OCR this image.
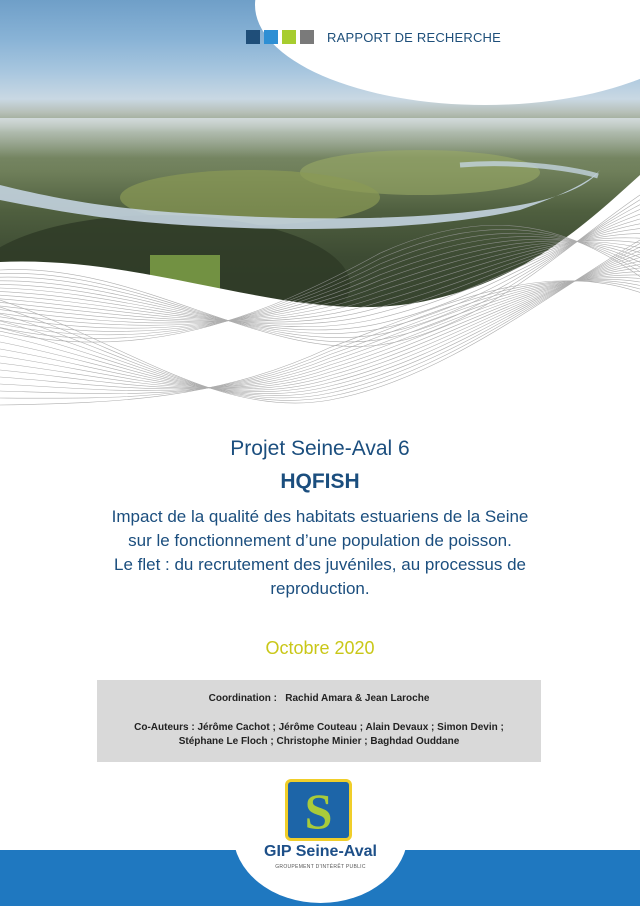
RAPPORT DE RECHERCHE
Projet Seine-Aval 6
HQFISH
Impact de la qualité des habitats estuariens de la Seine
sur le fonctionnement d’une population de poisson.
Le flet : du recrutement des juvéniles, au processus de
reproduction.
Octobre 2020
Coordination :   Rachid Amara & Jean Laroche
Co-Auteurs : Jérôme Cachot ; Jérôme Couteau ; Alain Devaux ; Simon Devin ;
Stéphane Le Floch ; Christophe Minier ; Baghdad Ouddane
S
GIP Seine-Aval
GROUPEMENT D'INTÉRÊT PUBLIC
